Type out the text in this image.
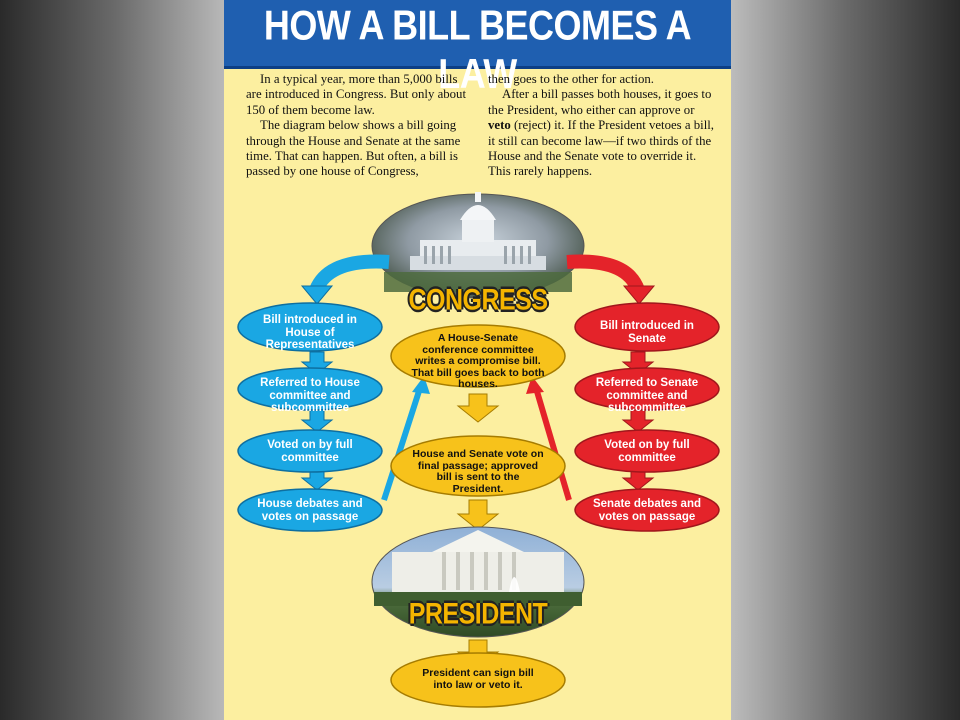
HOW A BILL BECOMES A LAW

In a typical year, more than 5,000 bills are introduced in Congress. But only about 150 of them become law.

The diagram below shows a bill going through the House and Senate at the same time. That can happen. But often, a bill is passed by one house of Congress,

then goes to the other for action.

After a bill passes both houses, it goes to the President, who either can approve or veto (reject) it. If the President vetoes a bill, it still can become law—if two thirds of the House and the Senate vote to override it. This rarely happens.

CONGRESS
PRESIDENT
Bill introduced in House of Representatives
Referred to House committee and subcommittee
Voted on by full committee
House debates and votes on passage
Bill introduced in Senate
Referred to Senate committee and subcommittee
Voted on by full committee
Senate debates and votes on passage
A House-Senate conference committee writes a compromise bill. That bill goes back to both houses.
House and Senate vote on final passage; approved bill is sent to the President.
President can sign bill into law or veto it.
